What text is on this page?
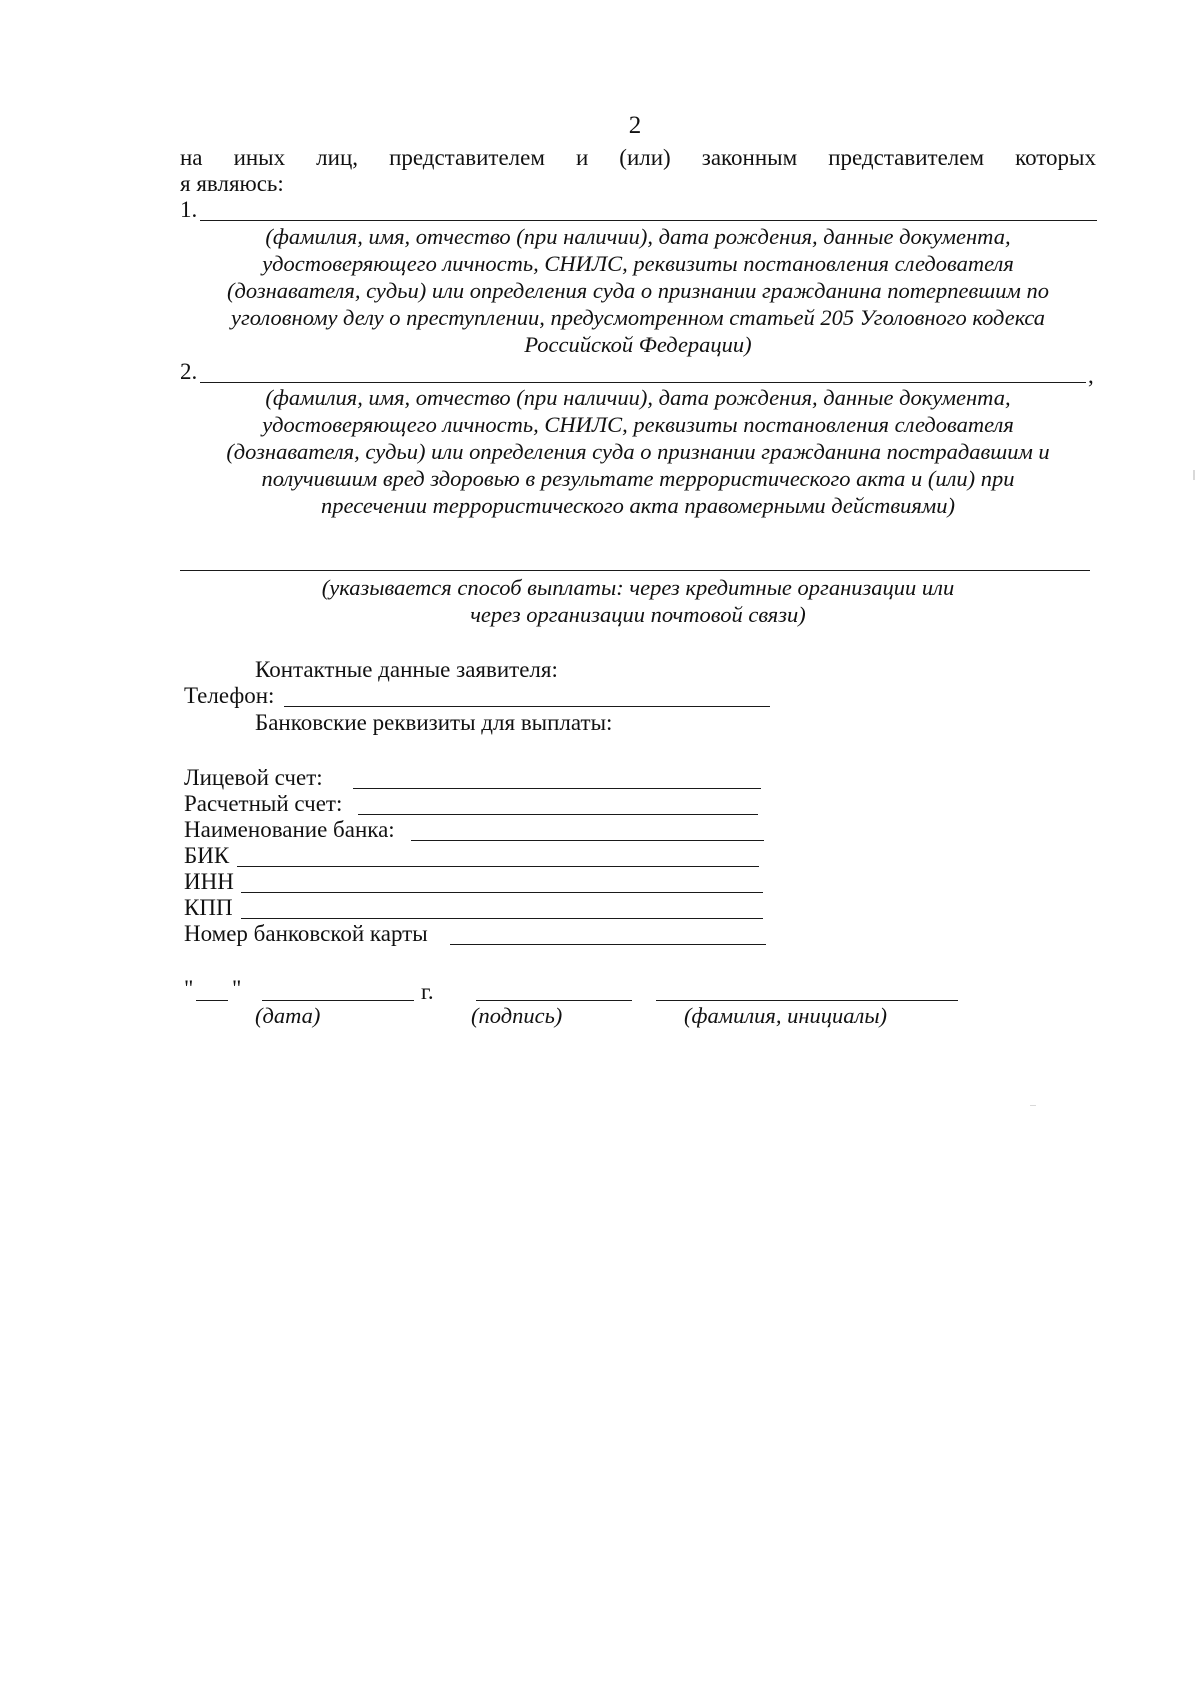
2
на иных лиц, представителем и (или) законным представителем которых
я являюсь:
1.
(фамилия, имя, отчество (при наличии), дата рождения, данные документа,
удостоверяющего личность, СНИЛС, реквизиты постановления следователя
(дознавателя, судьи) или определения суда о признании гражданина потерпевшим по
уголовному делу о преступлении, предусмотренном статьей 205 Уголовного кодекса
Российской Федерации)
2.	,
(фамилия, имя, отчество (при наличии), дата рождения, данные документа,
удостоверяющего личность, СНИЛС, реквизиты постановления следователя
(дознавателя, судьи) или определения суда о признании гражданина пострадавшим и
получившим вред здоровью в результате террористического акта и (или) при
пресечении террористического акта правомерными действиями)
(указывается способ выплаты: через кредитные организации или
через организации почтовой связи)
Контактные данные заявителя:
Телефон:
Банковские реквизиты для выплаты:
Лицевой счет:
Расчетный счет:
Наименование банка:
БИК
ИНН
КПП
Номер банковской карты
" "	г.
(дата)	(подпись)	(фамилия, инициалы)
